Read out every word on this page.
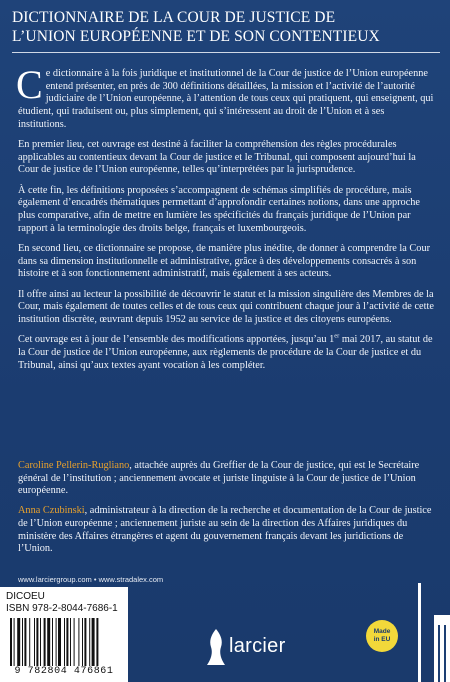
DICTIONNAIRE DE LA COUR DE JUSTICE DE
L’UNION EUROPÉENNE ET DE SON CONTENTIEUX

Ce dictionnaire à la fois juridique et institutionnel de la Cour de justice de l’Union européenne entend présenter, en près de 300 définitions détaillées, la mission et l’activité de l’autorité judiciaire de l’Union européenne, à l’attention de tous ceux qui pratiquent, qui enseignent, qui étudient, qui traduisent ou, plus simplement, qui s’intéressent au droit de l’Union et à ses institutions.

En premier lieu, cet ouvrage est destiné à faciliter la compréhension des règles procédurales applicables au contentieux devant la Cour de justice et le Tribunal, qui composent aujourd’hui la Cour de justice de l’Union européenne, telles qu’interprétées par la jurisprudence.

À cette fin, les définitions proposées s’accompagnent de schémas simplifiés de procédure, mais également d’encadrés thématiques permettant d’approfondir certaines notions, dans une approche plus comparative, afin de mettre en lumière les spécificités du français juridique de l’Union par rapport à la terminologie des droits belge, français et luxembourgeois.

En second lieu, ce dictionnaire se propose, de manière plus inédite, de donner à comprendre la Cour dans sa dimension institutionnelle et administrative, grâce à des développements consacrés à son histoire et à son fonctionnement administratif, mais également à ses acteurs.

Il offre ainsi au lecteur la possibilité de découvrir le statut et la mission singulière des Membres de la Cour, mais également de toutes celles et de tous ceux qui contribuent chaque jour à l’activité de cette institution discrète, œuvrant depuis 1952 au service de la justice et des citoyens européens.

Cet ouvrage est à jour de l’ensemble des modifications apportées, jusqu’au 1er mai 2017, au statut de la Cour de justice de l’Union européenne, aux règlements de procédure de la Cour de justice et du Tribunal, ainsi qu’aux textes ayant vocation à les compléter.

Caroline Pellerin-Rugliano, attachée auprès du Greffier de la Cour de justice, qui est le Secrétaire général de l’institution ; anciennement avocate et juriste linguiste à la Cour de justice de l’Union européenne.

Anna Czubinski, administrateur à la direction de la recherche et documentation de la Cour de justice de l’Union européenne ; anciennement juriste au sein de la direction des Affaires juridiques du ministère des Affaires étrangères et agent du gouvernement français devant les juridictions de l’Union.

www.larciergroup.com • www.stradalex.com
DICOEU
ISBN 978-2-8044-7686-1
9 782804 476861
larcier
Made
in EU
